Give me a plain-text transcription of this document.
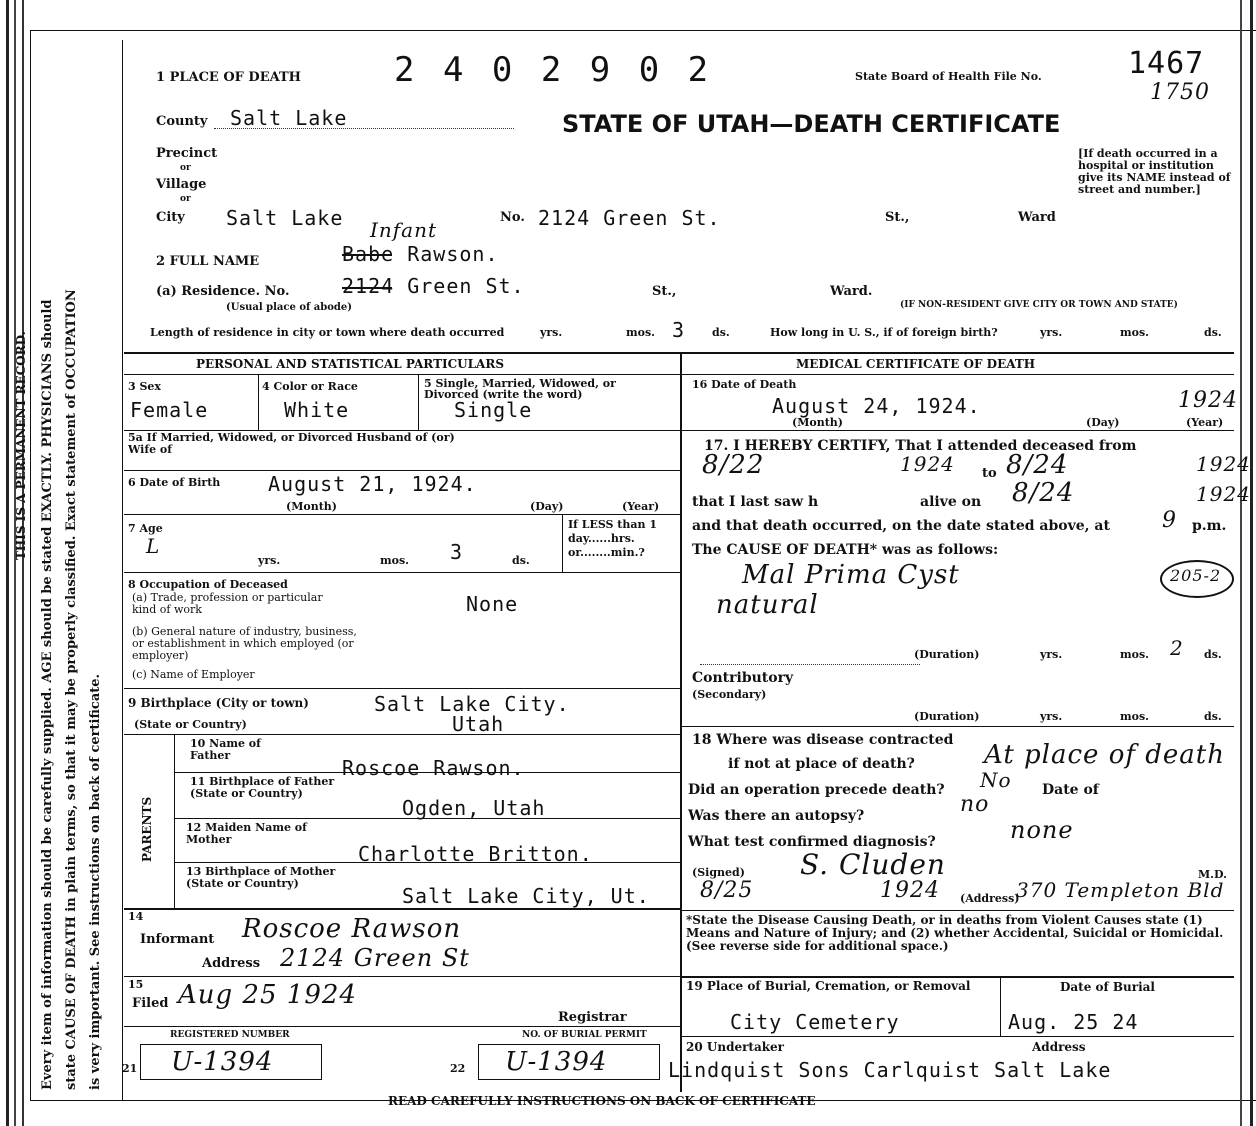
Every item of information should be carefully supplied. AGE should be stated EXACTLY. PHYSICIANS should state CAUSE OF DEATH in plain terms, so that it may be properly classified. Exact statement of OCCUPATION is very important. See instructions on back of certificate.
THIS IS A PERMANENT RECORD.
1 PLACE OF DEATH	2 4 0 2 9 0 2	State Board of Health File No.	1467
1750
STATE OF UTAH—DEATH CERTIFICATE
[If death occurred in a hospital or institution give its NAME instead of street and number.]
County Salt Lake
Precinct
or
Village
or
City Salt Lake	No. 2124 Green St.	St.,	Ward
2 FULL NAME	Babe Rawson.
Infant
(a) Residence. No.
(Usual place of abode)
2124 Green St.	St.,	Ward.
(IF NON-RESIDENT GIVE CITY OR TOWN AND STATE)
Length of residence in city or town where death occurred	yrs.	mos. 3 ds.	How long in U. S., if of foreign birth?	yrs.	mos.	ds.
PERSONAL AND STATISTICAL PARTICULARS
3 Sex
Female
4 Color or Race
White
5 Single, Married, Widowed, or Divorced (write the word)
Single
5a If Married, Widowed, or Divorced Husband of (or) Wife of
6 Date of Birth August 21, 1924.
(Month)	(Day)	(Year)
7 Age
L
yrs.	mos. 3	ds.
If LESS than 1 day......hrs. or........min.?
8 Occupation of Deceased
(a) Trade, profession or particular kind of work	None
(b) General nature of industry, business, or establishment in which employed (or employer)
(c) Name of Employer
9 Birthplace (City or town)
(State or Country)
Salt Lake City.
Utah
PARENTS
10 Name of Father
Roscoe Rawson.
11 Birthplace of Father (State or Country)
Ogden, Utah
12 Maiden Name of Mother
Charlotte Britton.
13 Birthplace of Mother (State or Country)
Salt Lake City, Ut.
14
Informant Roscoe Rawson
Address 2124 Green St
15
Filed Aug 25 1924
Registrar
REGISTERED NUMBER
21 U-1394
NO. OF BURIAL PERMIT
22 U-1394
MEDICAL CERTIFICATE OF DEATH
16 Date of Death
August 24, 1924.	1924
(Month)	(Day)	(Year)
17. I HEREBY CERTIFY, That I attended deceased from
8/22	1924 to 8/24	1924
that I last saw h	alive on 8/24	1924
and that death occurred, on the date stated above, at 9 p.m.
The CAUSE OF DEATH* was as follows:
Mal Prima Cyst
natural
205-2
(Duration)	yrs.	mos. 2 ds.
Contributory
(Secondary)
(Duration)	yrs.	mos.	ds.
18 Where was disease contracted
if not at place of death?	At place of death
Did an operation precede death? No Date of
Was there an autopsy?	no
What test confirmed diagnosis?	none
(Signed) S. Cluden	M.D.
8/25	1924 (Address)
370 Templeton Bld
*State the Disease Causing Death, or in deaths from Violent Causes state (1) Means and Nature of Injury; and (2) whether Accidental, Suicidal or Homicidal. (See reverse side for additional space.)
19 Place of Burial, Cremation, or Removal
City Cemetery
Date of Burial
Aug. 25 24
20 Undertaker	Address
Lindquist Sons Carlquist Salt Lake
READ CAREFULLY INSTRUCTIONS ON BACK OF CERTIFICATE
